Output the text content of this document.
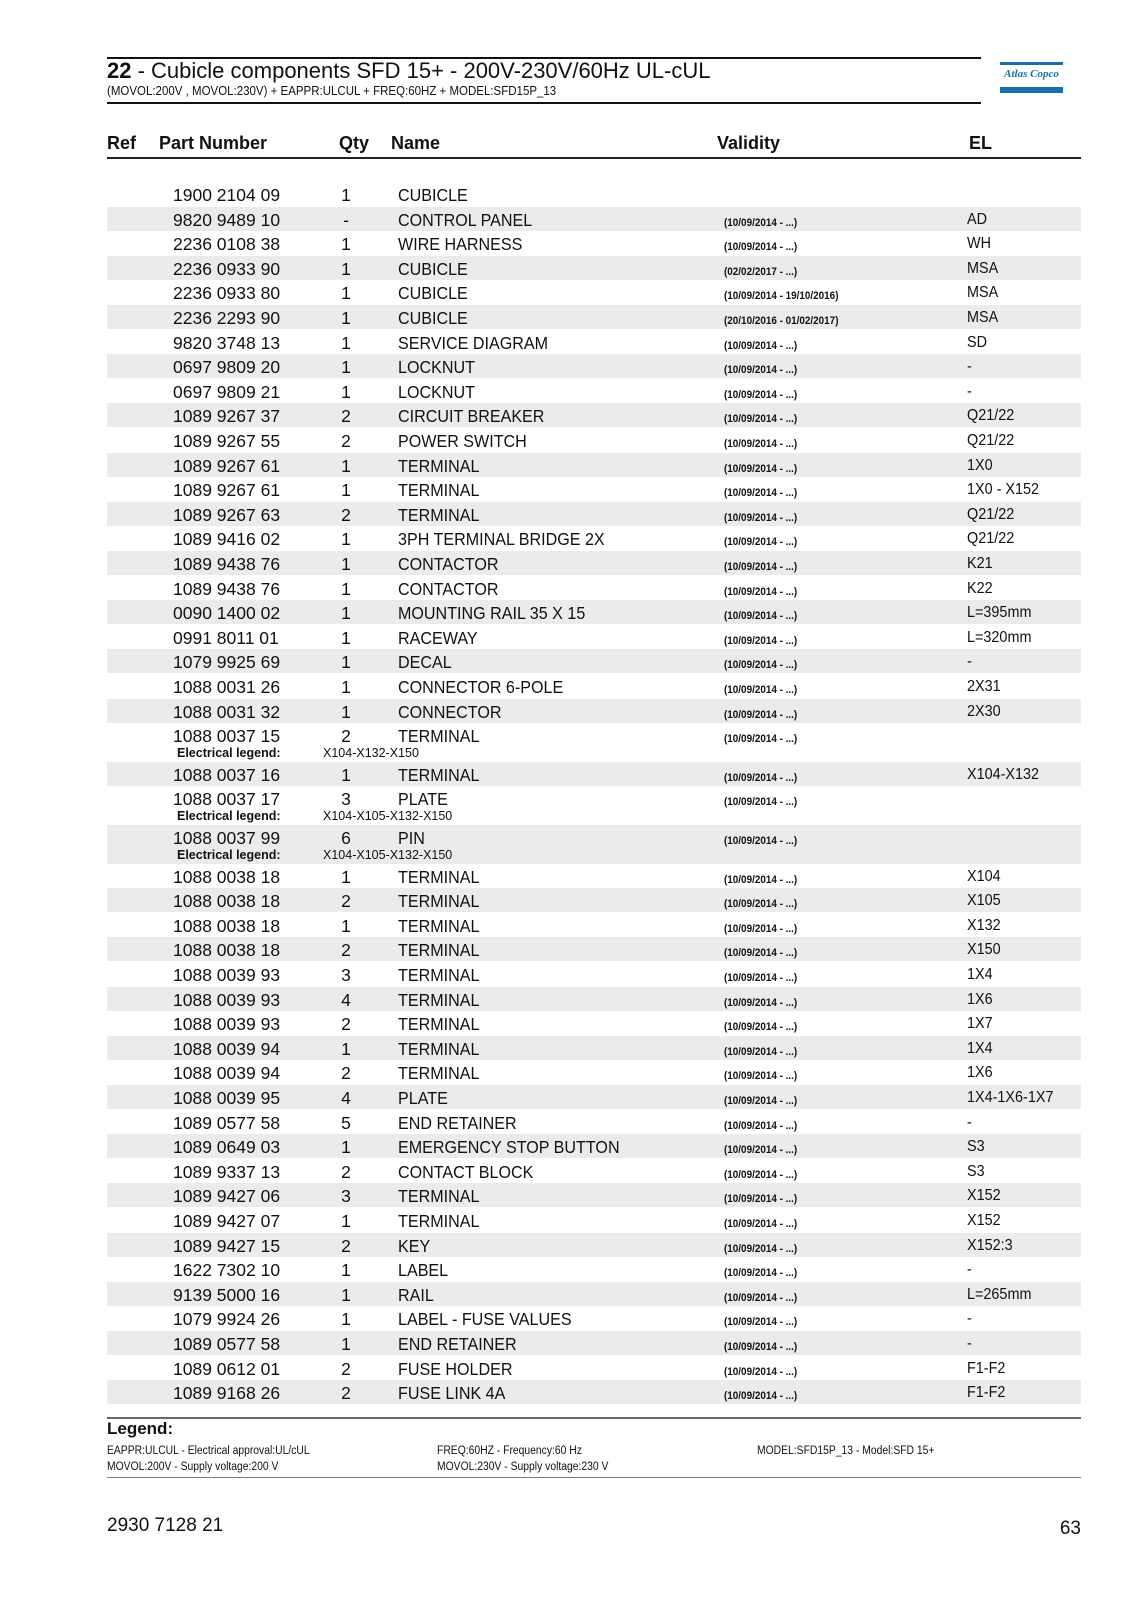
22 - Cubicle components SFD 15+ - 200V-230V/60Hz UL-cUL
(MOVOL:200V , MOVOL:230V) + EAPPR:ULCUL + FREQ:60HZ + MODEL:SFD15P_13
Atlas Copco
Ref Part Number	Qty Name	Validity	EL
1900 2104 09	1	CUBICLE
9820 9489 10	-	CONTROL PANEL	(10/09/2014 - ...)	AD
2236 0108 38	1	WIRE HARNESS	(10/09/2014 - ...)	WH
2236 0933 90	1	CUBICLE	(02/02/2017 - ...)	MSA
2236 0933 80	1	CUBICLE	(10/09/2014 - 19/10/2016)	MSA
2236 2293 90	1	CUBICLE	(20/10/2016 - 01/02/2017)	MSA
9820 3748 13	1	SERVICE DIAGRAM	(10/09/2014 - ...)	SD
0697 9809 20	1	LOCKNUT	(10/09/2014 - ...)	-
0697 9809 21	1	LOCKNUT	(10/09/2014 - ...)	-
1089 9267 37	2	CIRCUIT BREAKER	(10/09/2014 - ...)	Q21/22
1089 9267 55	2	POWER SWITCH	(10/09/2014 - ...)	Q21/22
1089 9267 61	1	TERMINAL	(10/09/2014 - ...)	1X0
1089 9267 61	1	TERMINAL	(10/09/2014 - ...)	1X0 - X152
1089 9267 63	2	TERMINAL	(10/09/2014 - ...)	Q21/22
1089 9416 02	1	3PH TERMINAL BRIDGE 2X	(10/09/2014 - ...)	Q21/22
1089 9438 76	1	CONTACTOR	(10/09/2014 - ...)	K21
1089 9438 76	1	CONTACTOR	(10/09/2014 - ...)	K22
0090 1400 02	1	MOUNTING RAIL 35 X 15	(10/09/2014 - ...)	L=395mm
0991 8011 01	1	RACEWAY	(10/09/2014 - ...)	L=320mm
1079 9925 69	1	DECAL	(10/09/2014 - ...)	-
1088 0031 26	1	CONNECTOR 6-POLE	(10/09/2014 - ...)	2X31
1088 0031 32	1	CONNECTOR	(10/09/2014 - ...)	2X30
1088 0037 15	2	TERMINAL	(10/09/2014 - ...)
Electrical legend:	X104-X132-X150
1088 0037 16	1	TERMINAL	(10/09/2014 - ...)	X104-X132
1088 0037 17	3	PLATE	(10/09/2014 - ...)
Electrical legend:	X104-X105-X132-X150
1088 0037 99	6	PIN	(10/09/2014 - ...)
Electrical legend:	X104-X105-X132-X150
1088 0038 18	1	TERMINAL	(10/09/2014 - ...)	X104
1088 0038 18	2	TERMINAL	(10/09/2014 - ...)	X105
1088 0038 18	1	TERMINAL	(10/09/2014 - ...)	X132
1088 0038 18	2	TERMINAL	(10/09/2014 - ...)	X150
1088 0039 93	3	TERMINAL	(10/09/2014 - ...)	1X4
1088 0039 93	4	TERMINAL	(10/09/2014 - ...)	1X6
1088 0039 93	2	TERMINAL	(10/09/2014 - ...)	1X7
1088 0039 94	1	TERMINAL	(10/09/2014 - ...)	1X4
1088 0039 94	2	TERMINAL	(10/09/2014 - ...)	1X6
1088 0039 95	4	PLATE	(10/09/2014 - ...)	1X4-1X6-1X7
1089 0577 58	5	END RETAINER	(10/09/2014 - ...)	-
1089 0649 03	1	EMERGENCY STOP BUTTON	(10/09/2014 - ...)	S3
1089 9337 13	2	CONTACT BLOCK	(10/09/2014 - ...)	S3
1089 9427 06	3	TERMINAL	(10/09/2014 - ...)	X152
1089 9427 07	1	TERMINAL	(10/09/2014 - ...)	X152
1089 9427 15	2	KEY	(10/09/2014 - ...)	X152:3
1622 7302 10	1	LABEL	(10/09/2014 - ...)	-
9139 5000 16	1	RAIL	(10/09/2014 - ...)	L=265mm
1079 9924 26	1	LABEL - FUSE VALUES	(10/09/2014 - ...)	-
1089 0577 58	1	END RETAINER	(10/09/2014 - ...)	-
1089 0612 01	2	FUSE HOLDER	(10/09/2014 - ...)	F1-F2
1089 9168 26	2	FUSE LINK 4A	(10/09/2014 - ...)	F1-F2
Legend:
EAPPR:ULCUL - Electrical approval:UL/cUL
MOVOL:200V - Supply voltage:200 V
FREQ:60HZ - Frequency:60 Hz
MOVOL:230V - Supply voltage:230 V
MODEL:SFD15P_13 - Model:SFD 15+
2930 7128 21	63
